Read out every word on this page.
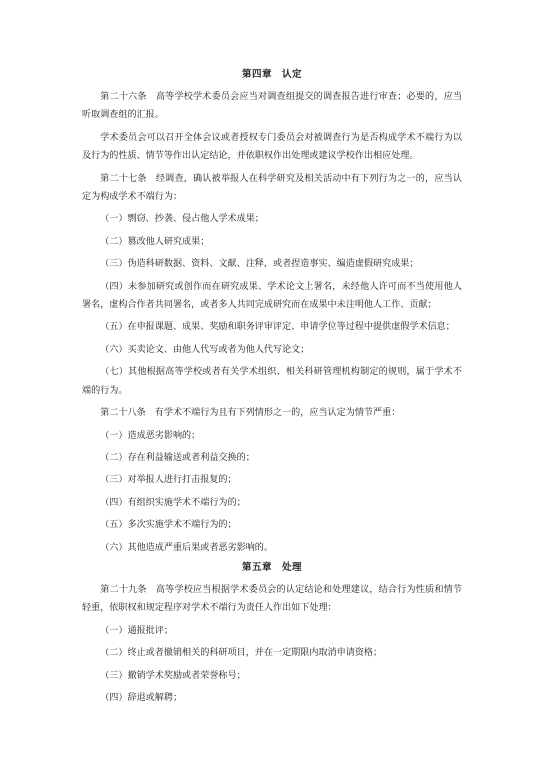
第四章　认定

第二十六条　高等学校学术委员会应当对调查组提交的调查报告进行审查；必要的，应当听取调查组的汇报。

学术委员会可以召开全体会议或者授权专门委员会对被调查行为是否构成学术不端行为以及行为的性质、情节等作出认定结论，并依职权作出处理或建议学校作出相应处理。

第二十七条　经调查，确认被举报人在科学研究及相关活动中有下列行为之一的，应当认定为构成学术不端行为：

（一）剽窃、抄袭、侵占他人学术成果；

（二）篡改他人研究成果；

（三）伪造科研数据、资料、文献、注释，或者捏造事实、编造虚假研究成果；

（四）未参加研究或创作而在研究成果、学术论文上署名，未经他人许可而不当使用他人署名，虚构合作者共同署名，或者多人共同完成研究而在成果中未注明他人工作、贡献；

（五）在申报课题、成果、奖励和职务评审评定、申请学位等过程中提供虚假学术信息；

（六）买卖论文、由他人代写或者为他人代写论文；

（七）其他根据高等学校或者有关学术组织、相关科研管理机构制定的规则，属于学术不端的行为。

第二十八条　有学术不端行为且有下列情形之一的，应当认定为情节严重：

（一）造成恶劣影响的；

（二）存在利益输送或者利益交换的；

（三）对举报人进行打击报复的；

（四）有组织实施学术不端行为的；

（五）多次实施学术不端行为的；

（六）其他造成严重后果或者恶劣影响的。

第五章　处理

第二十九条　高等学校应当根据学术委员会的认定结论和处理建议，结合行为性质和情节轻重，依职权和规定程序对学术不端行为责任人作出如下处理：

（一）通报批评；

（二）终止或者撤销相关的科研项目，并在一定期限内取消申请资格；

（三）撤销学术奖励或者荣誉称号；

（四）辞退或解聘；
